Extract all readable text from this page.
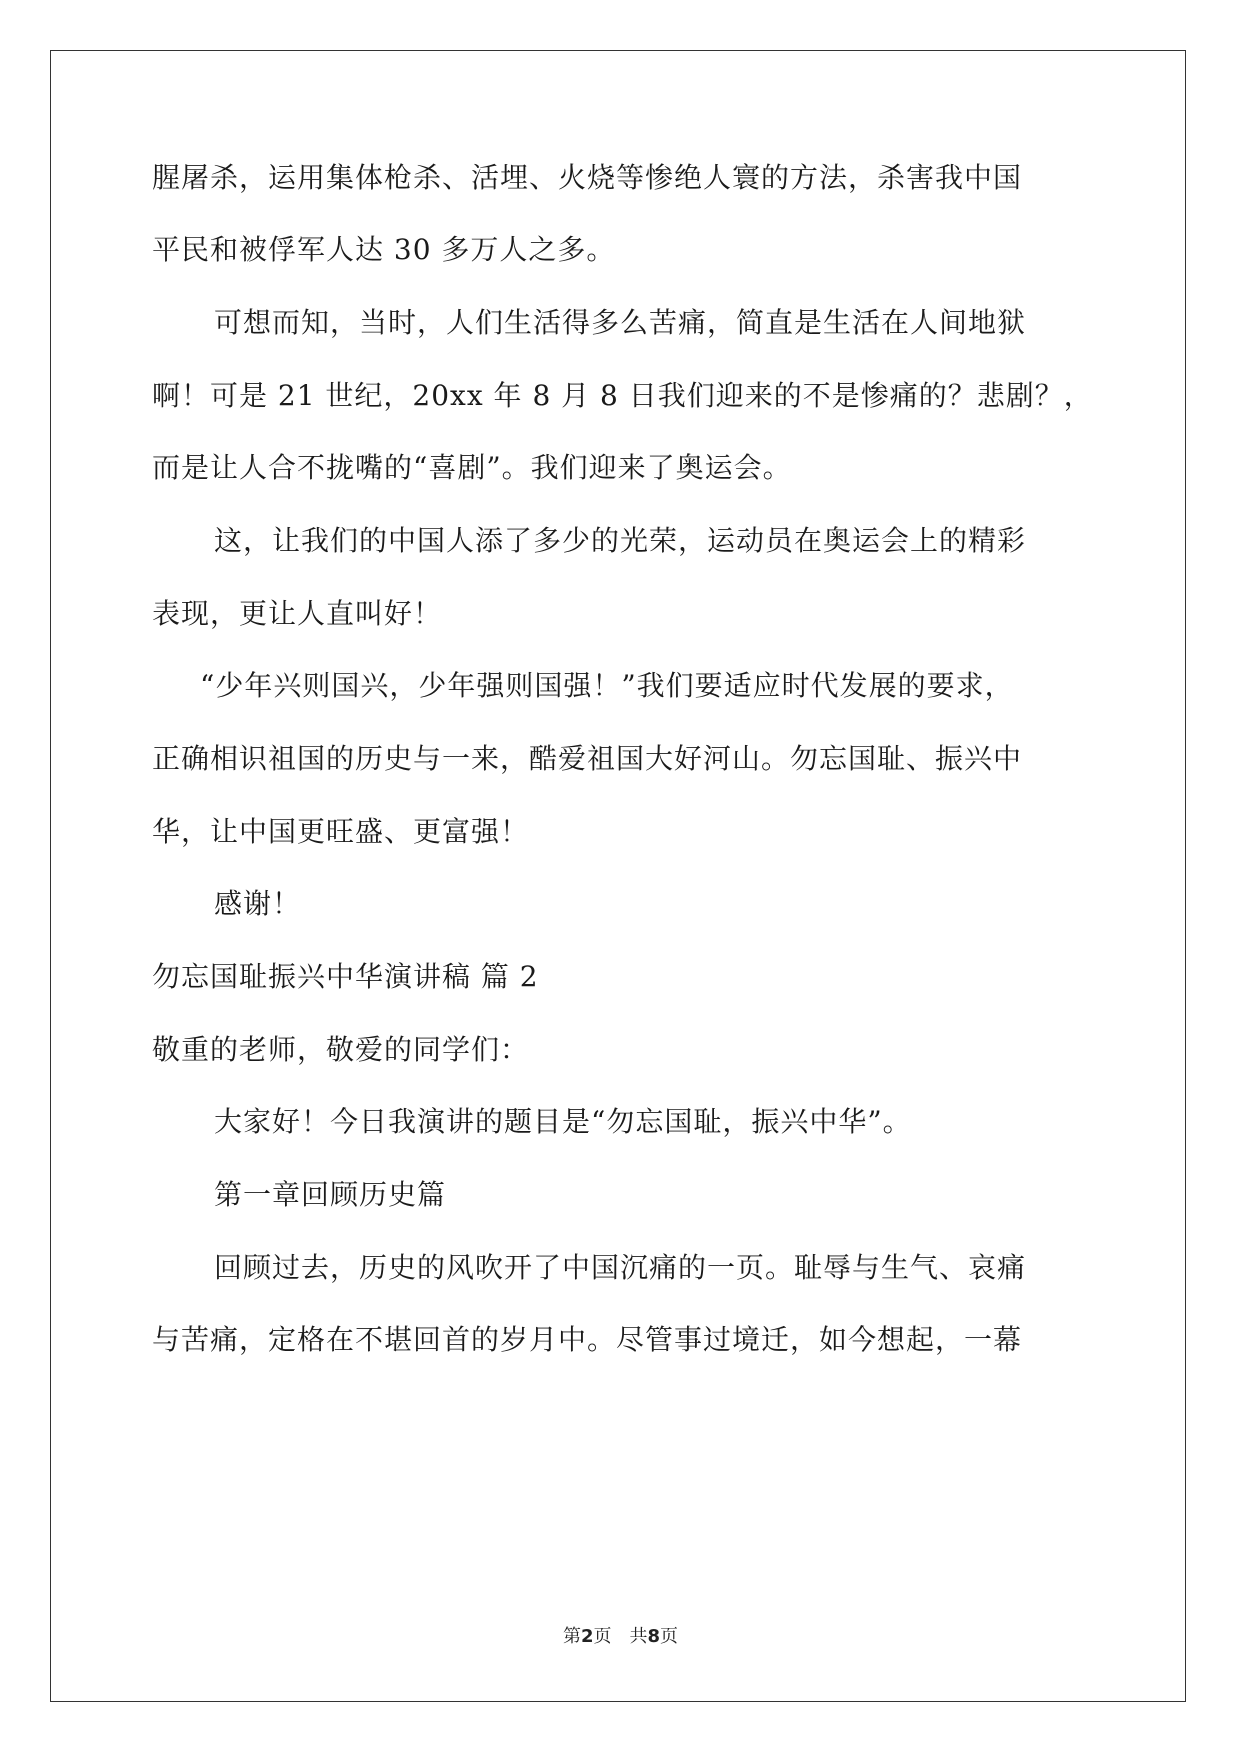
腥屠杀，运用集体枪杀、活埋、火烧等惨绝人寰的方法，杀害我中国
平民和被俘军人达 30 多万人之多。
可想而知，当时，人们生活得多么苦痛，简直是生活在人间地狱
啊！可是 21 世纪，20xx 年 8 月 8 日我们迎来的不是惨痛的？悲剧？，
而是让人合不拢嘴的“喜剧”。我们迎来了奥运会。
这，让我们的中国人添了多少的光荣，运动员在奥运会上的精彩
表现，更让人直叫好！
“少年兴则国兴，少年强则国强！”我们要适应时代发展的要求，
正确相识祖国的历史与一来，酷爱祖国大好河山。勿忘国耻、振兴中
华，让中国更旺盛、更富强！
感谢！
勿忘国耻振兴中华演讲稿 篇 2
敬重的老师，敬爱的同学们：
大家好！今日我演讲的题目是“勿忘国耻，振兴中华”。
第一章回顾历史篇
回顾过去，历史的风吹开了中国沉痛的一页。耻辱与生气、哀痛
与苦痛，定格在不堪回首的岁月中。尽管事过境迁，如今想起，一幕
第2页　共8页
